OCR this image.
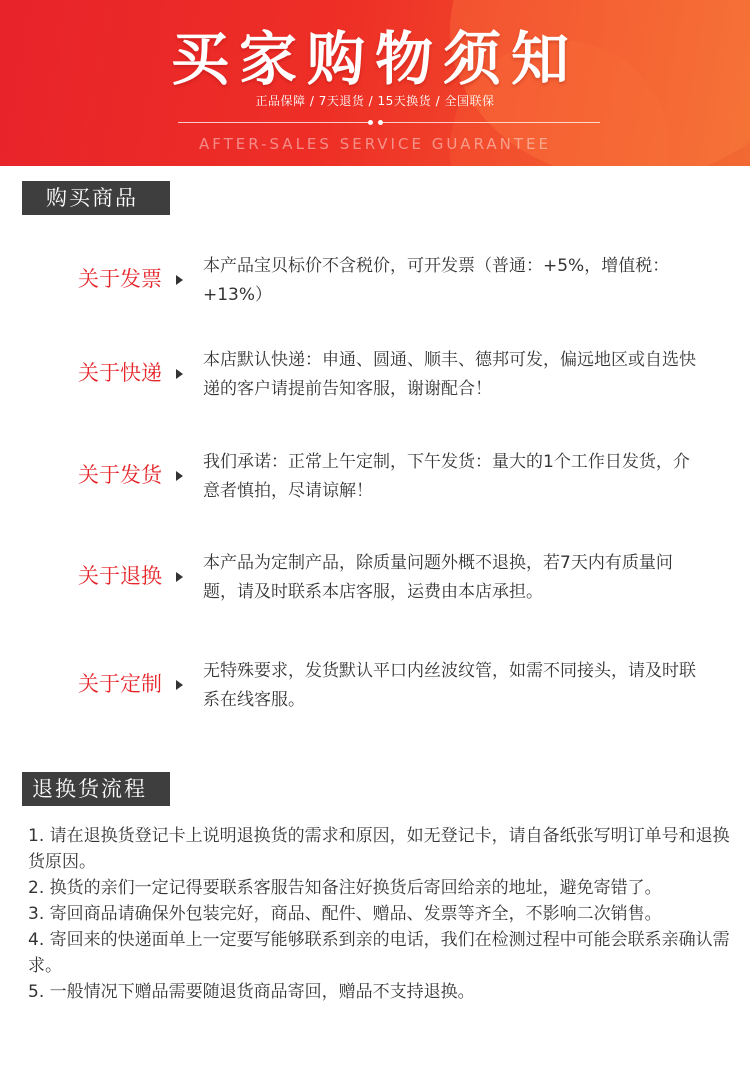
买家购物须知
正品保障 / 7天退货 / 15天换货 / 全国联保
AFTER-SALES SERVICE GUARANTEE
购买商品
关于发票
本产品宝贝标价不含税价，可开发票（普通：+5%，增值税：+13%）
关于快递
本店默认快递：申通、圆通、顺丰、德邦可发，偏远地区或自选快递的客户请提前告知客服，谢谢配合！
关于发货
我们承诺：正常上午定制，下午发货：量大的1个工作日发货，介意者慎拍，尽请谅解！
关于退换
本产品为定制产品，除质量问题外概不退换，若7天内有质量问题，请及时联系本店客服，运费由本店承担。
关于定制
无特殊要求，发货默认平口内丝波纹管，如需不同接头，请及时联系在线客服。
退换货流程
1. 请在退换货登记卡上说明退换货的需求和原因，如无登记卡，请自备纸张写明订单号和退换货原因。
2. 换货的亲们一定记得要联系客服告知备注好换货后寄回给亲的地址，避免寄错了。
3. 寄回商品请确保外包装完好，商品、配件、赠品、发票等齐全，不影响二次销售。
4. 寄回来的快递面单上一定要写能够联系到亲的电话，我们在检测过程中可能会联系亲确认需求。
5. 一般情况下赠品需要随退货商品寄回，赠品不支持退换。
